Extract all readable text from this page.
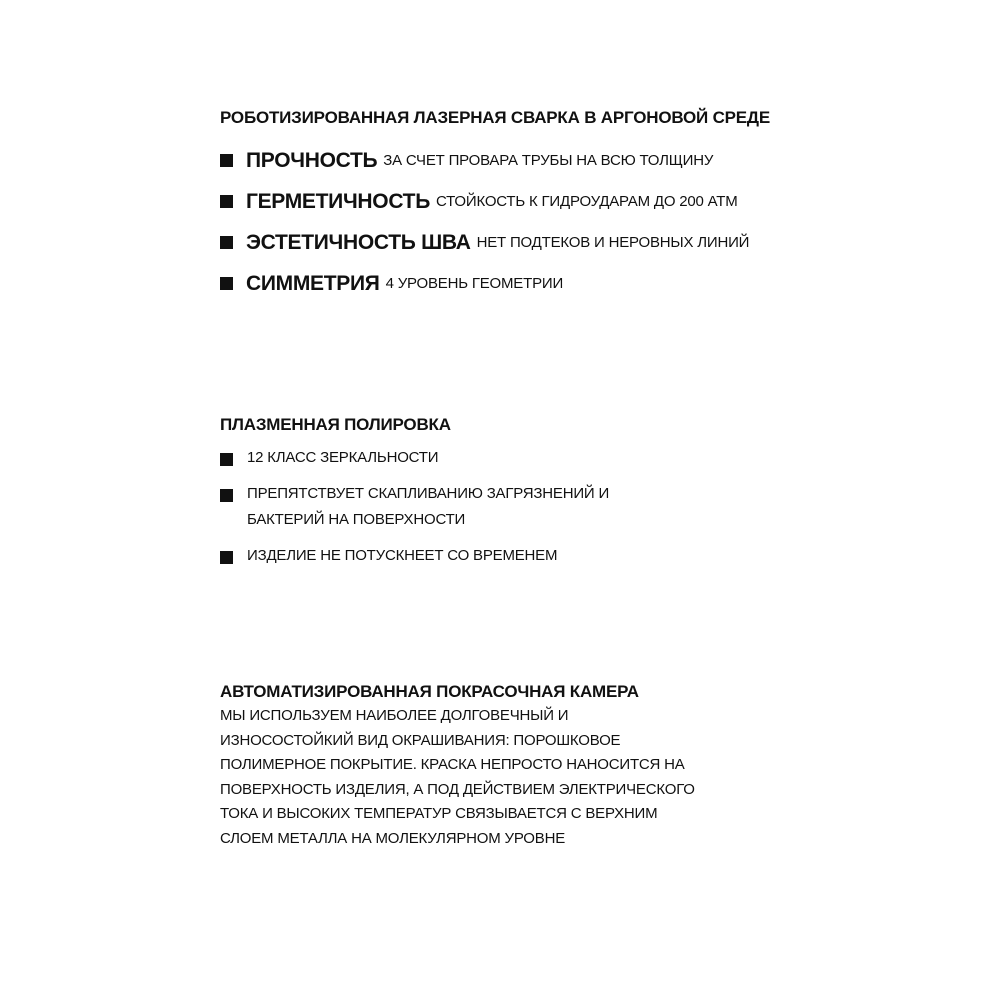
РОБОТИЗИРОВАННАЯ ЛАЗЕРНАЯ СВАРКА В АРГОНОВОЙ СРЕДЕ
ПРОЧНОСТЬ ЗА СЧЕТ ПРОВАРА ТРУБЫ НА ВСЮ ТОЛЩИНУ
ГЕРМЕТИЧНОСТЬ СТОЙКОСТЬ К ГИДРОУДАРАМ ДО 200 АТМ
ЭСТЕТИЧНОСТЬ ШВА НЕТ ПОДТЕКОВ И НЕРОВНЫХ ЛИНИЙ
СИММЕТРИЯ 4 УРОВЕНЬ ГЕОМЕТРИИ
ПЛАЗМЕННАЯ ПОЛИРОВКА
12 КЛАСС ЗЕРКАЛЬНОСТИ
ПРЕПЯТСТВУЕТ СКАПЛИВАНИЮ ЗАГРЯЗНЕНИЙ И БАКТЕРИЙ НА ПОВЕРХНОСТИ
ИЗДЕЛИЕ НЕ ПОТУСКНЕЕТ СО ВРЕМЕНЕМ
АВТОМАТИЗИРОВАННАЯ ПОКРАСОЧНАЯ КАМЕРА
МЫ ИСПОЛЬЗУЕМ НАИБОЛЕЕ ДОЛГОВЕЧНЫЙ И
ИЗНОСОСТОЙКИЙ ВИД ОКРАШИВАНИЯ: ПОРОШКОВОЕ
ПОЛИМЕРНОЕ ПОКРЫТИЕ. КРАСКА НЕПРОСТО НАНОСИТСЯ НА
ПОВЕРХНОСТЬ ИЗДЕЛИЯ, А ПОД ДЕЙСТВИЕМ ЭЛЕКТРИЧЕСКОГО
ТОКА И ВЫСОКИХ ТЕМПЕРАТУР СВЯЗЫВАЕТСЯ С ВЕРХНИМ
СЛОЕМ МЕТАЛЛА НА МОЛЕКУЛЯРНОМ УРОВНЕ
